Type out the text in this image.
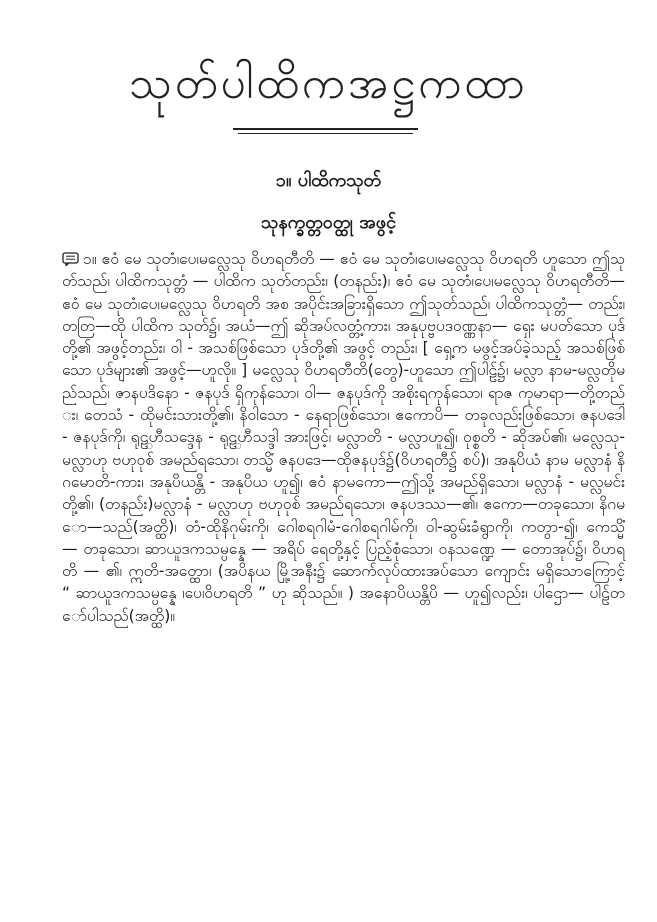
သုတ်ပါထိကအဋ္ဌကထာ
၁။ ပါထိကသုတ်
သုနက္ခတ္တဝတ္ထု အဖွင့်

၁။ ဧဝံ မေ သုတံ၊ပေ၊မလ္လေသု ဝိဟရတီတိ — ဧဝံ မေ သုတံ၊ပေ၊မလ္လေသု ဝိဟရတိ ဟူသော ဤသုတ်သည်၊ ပါထိကသုတ္တံ — ပါထိက သုတ်တည်း၊ (တနည်း)၊ ဧဝံ မေ သုတံ၊ပေ၊မလ္လေသု ဝိဟရတီတိ—ဧဝံ မေ သုတံ၊ပေ၊မလ္လေသု ဝိဟရတိ အစ အပိုင်းအခြားရှိသော ဤသုတ်သည်၊ ပါထိကသုတ္တံ— တည်း၊ တတြ—ထို ပါထိက သုတ်၌၊ အယံ—ဤ ဆိုအပ်လတ္တံ့ကား၊ အနုပုဗ္ဗပဒဝဏ္ဏနာ— ရှေး မပတ်သော ပုဒ်တို့၏ အဖွင့်တည်း၊ ဝါ - အသစ်ဖြစ်သော ပုဒ်တို့၏ အဖွင့် တည်း၊ [ ရှေ့က မဖွင့်အပ်ခဲ့သည့် အသစ်ဖြစ်သော ပုဒ်များ၏ အဖွင့်—ဟူလို။ ] မလ္လေသု ဝိဟရတီတိ(တွေ)-ဟူသော ဤပါဠ်၌၊ မလ္လာ နာမ-မလ္လတိုမည်သည်၊ ဇာနပဒိနော - ဇနပုဒ် ရှိကုန်သော၊ ဝါ— ဇနပုဒ်ကို အစိုးရကုန်သော၊ ရာဇ ကုမာရာ—တို့တည်း၊ တေသံ - ထိုမင်းသားတို့၏၊ နိဝါသော - နေရာဖြစ်သော၊ ဧကောပိ— တခုလည်းဖြစ်သော၊ ဇနပဒေါ - ဇနပုဒ်ကို၊ ရုဠ္ဟီသဒ္ဒေန - ရုဠ္ဟီသဒ္ဒါ အားဖြင့်၊ မလ္လာတိ - မလ္လာဟူ၍၊ ဝုစ္စတိ - ဆိုအပ်၏၊ မလ္လေသု-မလ္လာဟု ဗဟုဝုစ် အမည်ရသော၊ တသ္မိံ ဇနပဒေ—ထိုဇနပုဒ်၌(ဝိဟရတီ၌ စပ်)၊ အနုပိယံ နာမ မလ္လာနံ နိဂမောတိ-ကား၊ အနုပိယန္တိ - အနုပိယ ဟူ၍၊ ဧဝံ နာမကော—ဤသို့ အမည်ရှိသော၊ မလ္လာနံ - မလ္လမင်းတို့၏၊ (တနည်း)မလ္လာနံ - မလ္လာဟု ဗဟုဝုစ် အမည်ရသော၊ ဇနပဒဿ—၏၊ ဧကော—တခုသော၊ နိဂမော—သည်(အတ္ထိ)၊ တံ-ထိုနိဂုမ်းကို၊ ဂေါစရဂါမံ-ဂေါစရဂါမ်ကို၊ ဝါ-ဆွမ်းခံရွာကို၊ ကတွာ-၍၊ ကေသ္မိံ — တခုသော၊ ဆာယူဒကသမ္ပန္နေ — အရိပ် ရေတို့နှင့် ပြည့်စုံသော၊ ဝနသဏ္ဍေ — တောအုပ်၌၊ ဝိဟရတိ — ၏၊ ဣတိ-အတ္ထော၊ (အပိနယ မြို့အနီး၌ ဆောက်လုပ်ထားအပ်သော ကျောင်း မရှိသောကြောင့် “ ဆာယူဒကသမ္ပန္နေ ၊ပေ၊ဝိဟရတိ ” ဟု ဆိုသည်။ ) အနောပိယန္တိပိ — ဟူ၍လည်း၊ ပါဌော— ပါဠ်တော်ပါသည်(အတ္ထိ)။
